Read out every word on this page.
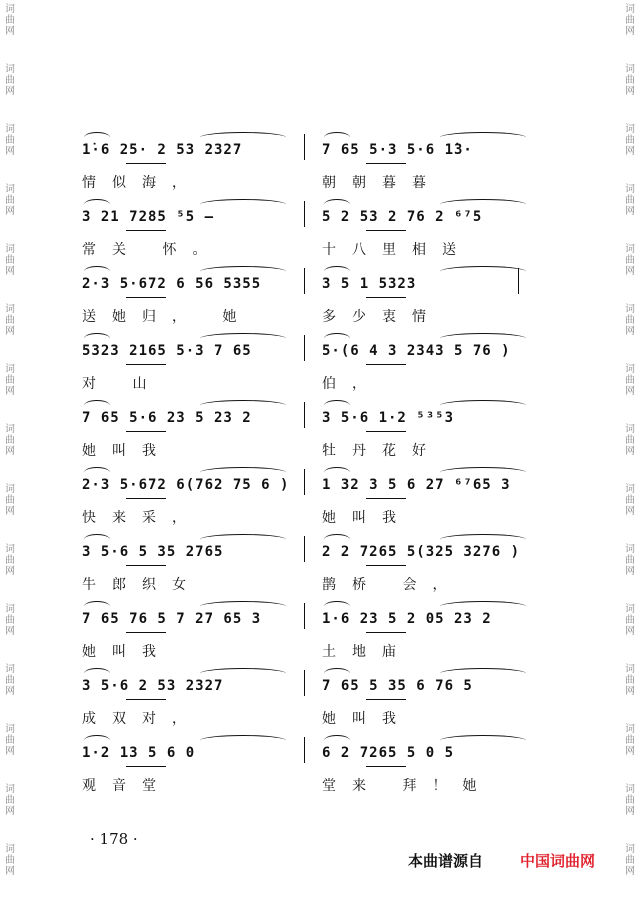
词
曲
网
词
曲
网
词
曲
网
词
曲
网
词
曲
网
词
曲
网
词
曲
网
词
曲
网
词
曲
网
词
曲
网
词
曲
网
词
曲
网
词
曲
网
词
曲
网
词
曲
网
词
曲
网
词
曲
网
词
曲
网
词
曲
网
词
曲
网
词
曲
网
词
曲
网
词
曲
网
词
曲
网
词
曲
网
词
曲
网
词
曲
网
词
曲
网
词
曲
网
词
曲
网
1̇·6 25· 2 53 2327
情似海，
7 65 5·3 5·6 1̇3·
朝朝暮暮
3 21 7285 ⁵5 —
常关 怀。
5 2 53 2 76 2 ⁶⁷5
十八里相送
2·3 5·672 6 56 5355
送她归， 她
3 5 1 5323
多少衷情
5323 2165 5·3 7 65
对 山
5·(6 4 3 2343 5 76 )
伯，
7 65 5·6 23 5 23 2
她叫我
3 5·6 1·2 ⁵³⁵3
牡丹花好
2·3 5·672 6(762 75 6 )
快来采，
1 32 3 5 6 27 ⁶⁷65 3
她叫我
3 5·6 5 35 2765
牛郎织女
2 2 7265 5(325 3276 )
鹊桥 会，
7 65 76 5 7 27 65 3
她叫我
1·6 23 5 2 05 23 2
土地庙
3 5·6 2 53 2327
成双对，
7 65 5 35 6 76 5
她叫我
1·2 13 5 6 0
观音堂
6 2 7265 5 0 5
堂来 拜！她
· 178 ·
本曲谱源自 中国词曲网
